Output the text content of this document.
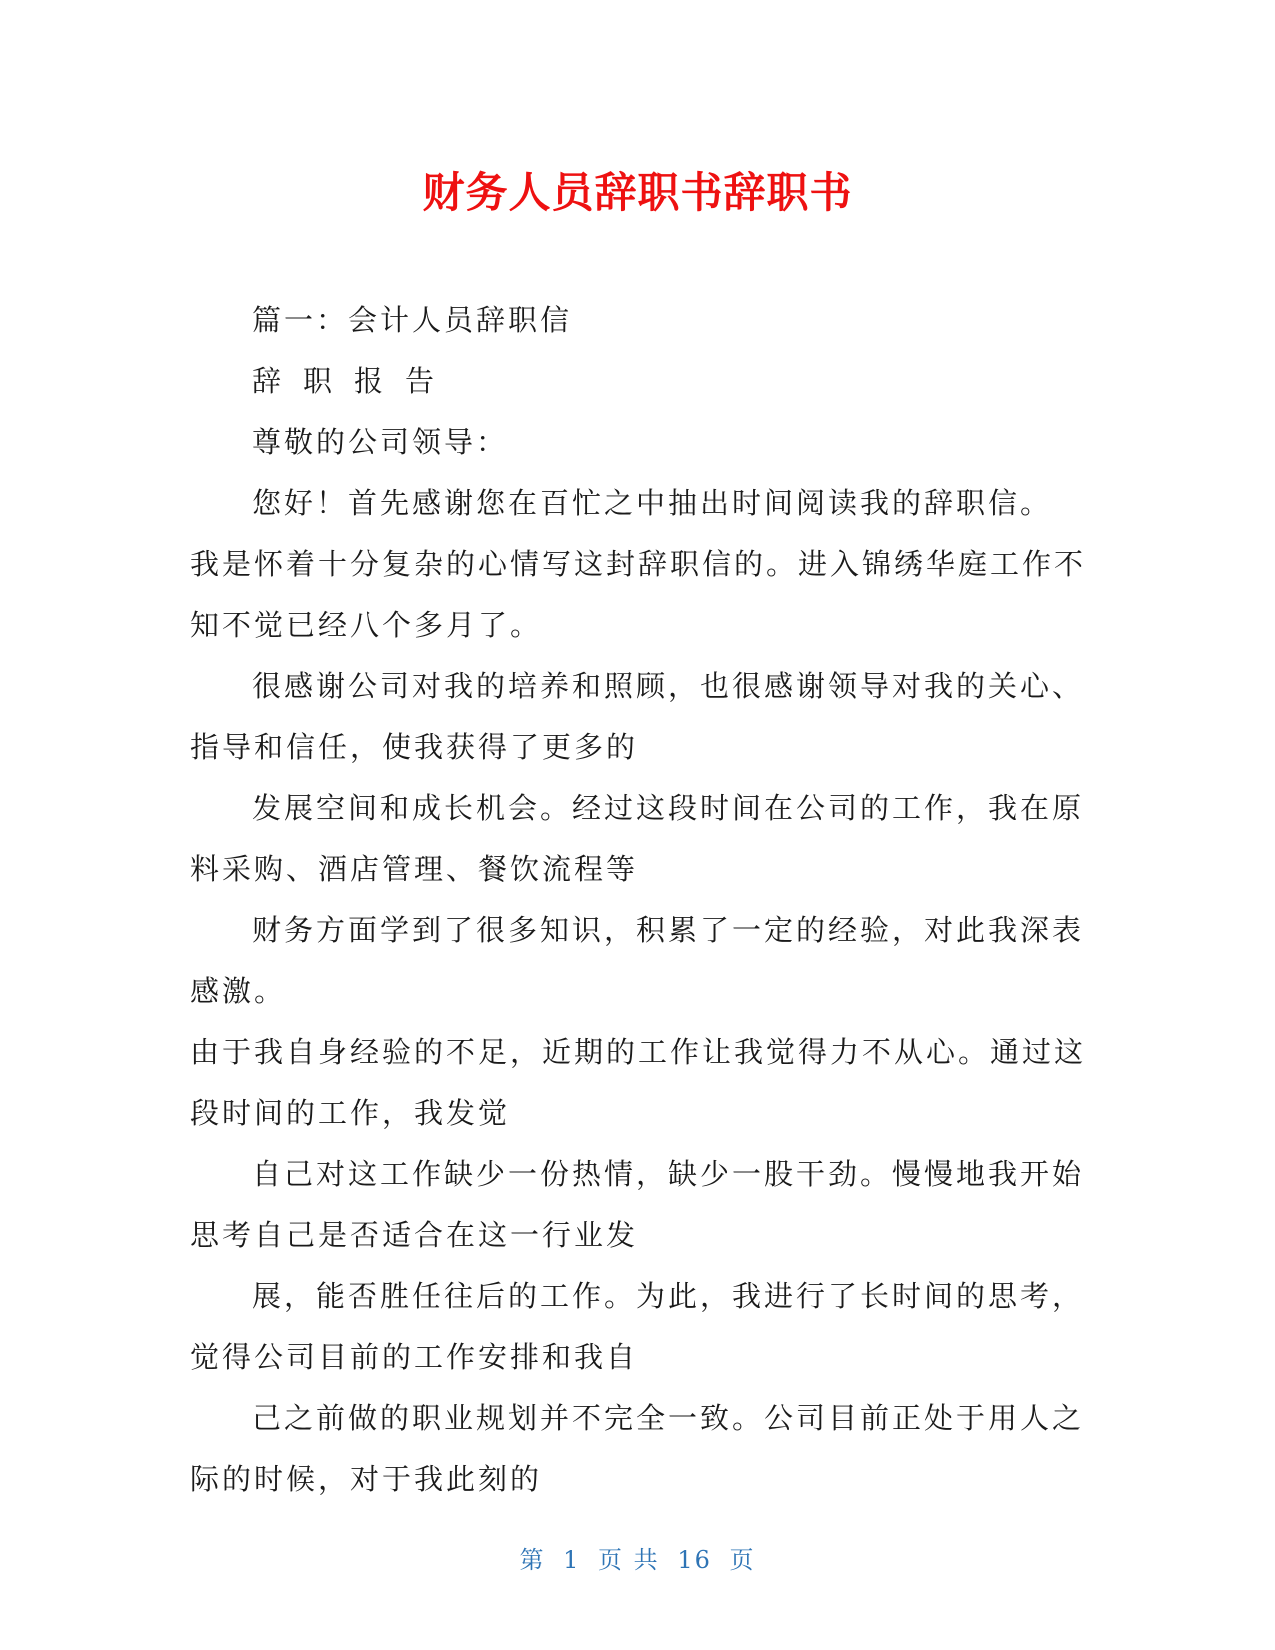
财务人员辞职书辞职书
篇一：会计人员辞职信
辞职报告
尊敬的公司领导：
您好！首先感谢您在百忙之中抽出时间阅读我的辞职信。
我是怀着十分复杂的心情写这封辞职信的。进入锦绣华庭工作不
知不觉已经八个多月了。
很感谢公司对我的培养和照顾，也很感谢领导对我的关心、
指导和信任，使我获得了更多的
发展空间和成长机会。经过这段时间在公司的工作，我在原
料采购、酒店管理、餐饮流程等
财务方面学到了很多知识，积累了一定的经验，对此我深表
感激。
由于我自身经验的不足，近期的工作让我觉得力不从心。通过这
段时间的工作，我发觉
自己对这工作缺少一份热情，缺少一股干劲。慢慢地我开始
思考自己是否适合在这一行业发
展，能否胜任往后的工作。为此，我进行了长时间的思考，
觉得公司目前的工作安排和我自
己之前做的职业规划并不完全一致。公司目前正处于用人之
际的时候，对于我此刻的
第 1 页 共 16 页
